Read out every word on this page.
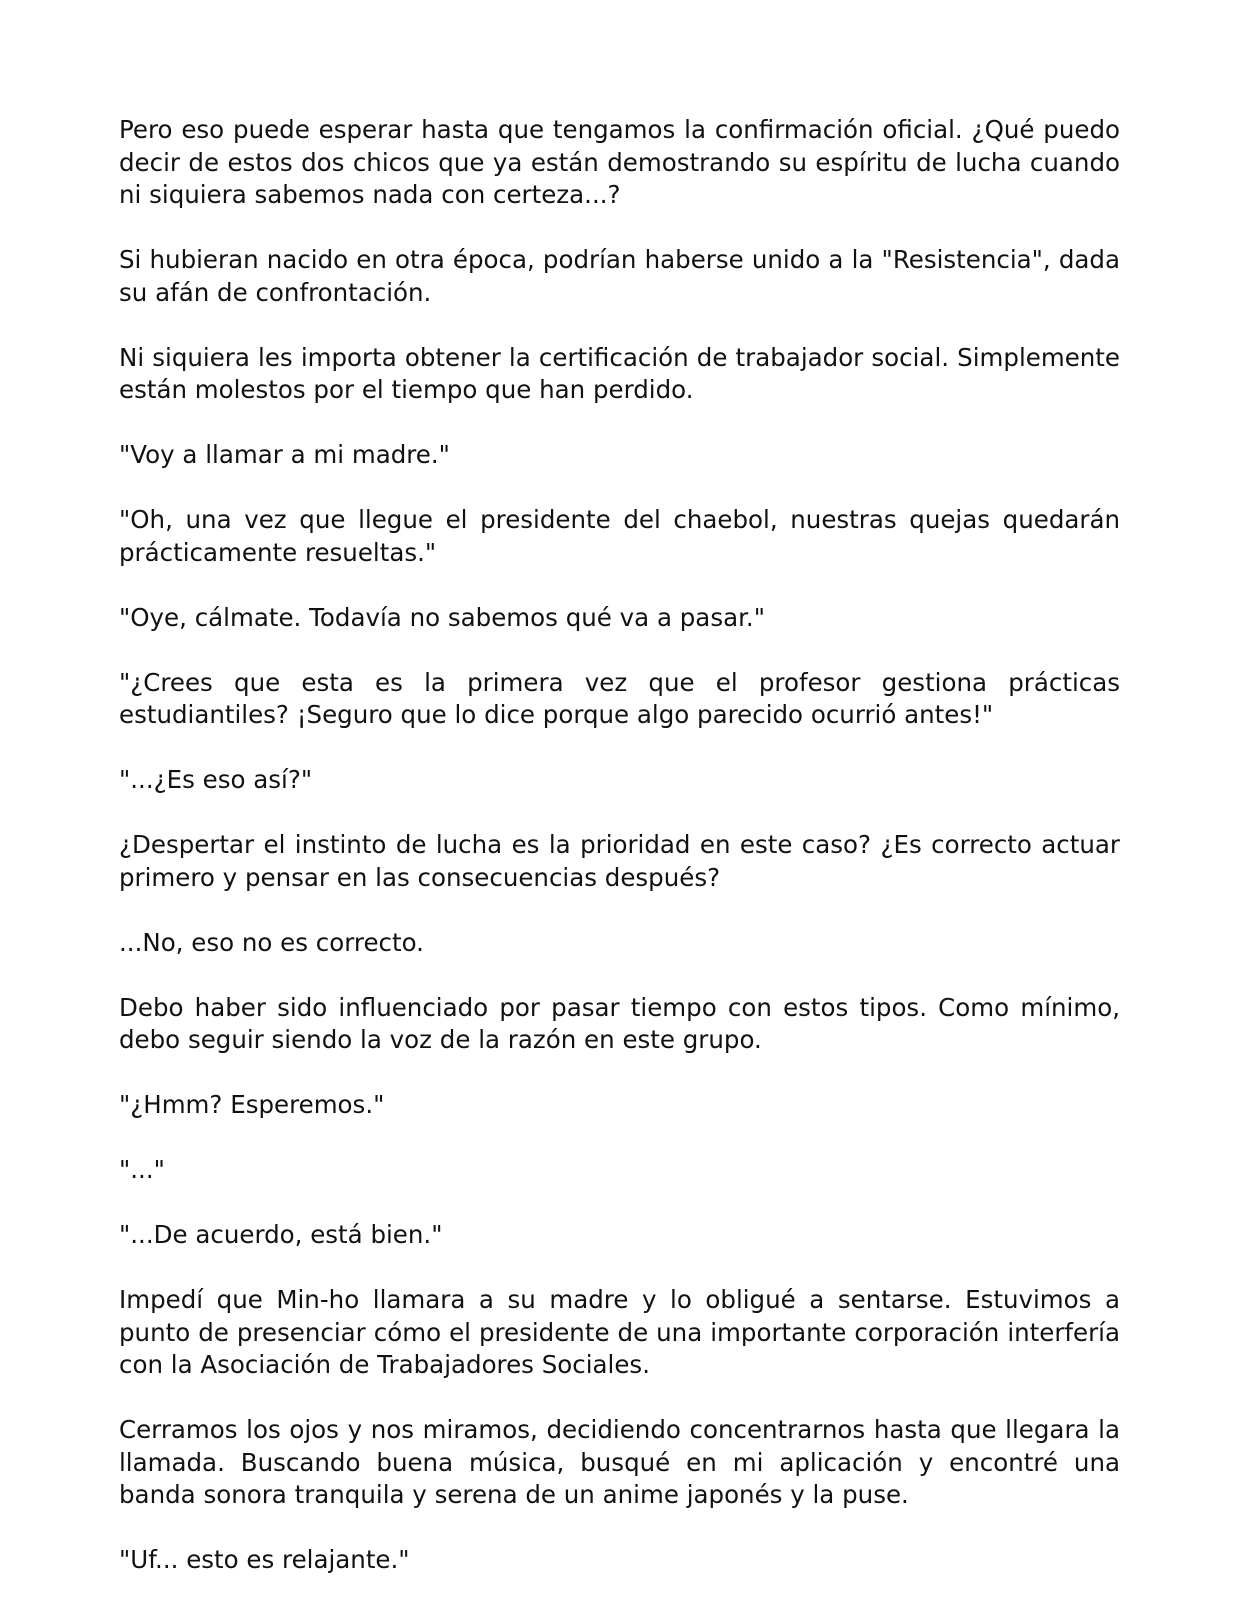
Pero eso puede esperar hasta que tengamos la confirmación oficial. ¿Qué puedo decir de estos dos chicos que ya están demostrando su espíritu de lucha cuando ni siquiera sabemos nada con certeza...?

Si hubieran nacido en otra época, podrían haberse unido a la "Resistencia", dada su afán de confrontación.

Ni siquiera les importa obtener la certificación de trabajador social. Simplemente están molestos por el tiempo que han perdido.

"Voy a llamar a mi madre."

"Oh, una vez que llegue el presidente del chaebol, nuestras quejas quedarán prácticamente resueltas."

"Oye, cálmate. Todavía no sabemos qué va a pasar."

"¿Crees que esta es la primera vez que el profesor gestiona prácticas estudiantiles? ¡Seguro que lo dice porque algo parecido ocurrió antes!"

"...¿Es eso así?"

¿Despertar el instinto de lucha es la prioridad en este caso? ¿Es correcto actuar primero y pensar en las consecuencias después?

...No, eso no es correcto.

Debo haber sido influenciado por pasar tiempo con estos tipos. Como mínimo, debo seguir siendo la voz de la razón en este grupo.

"¿Hmm? Esperemos."

"..."

"...De acuerdo, está bien."

Impedí que Min-ho llamara a su madre y lo obligué a sentarse. Estuvimos a punto de presenciar cómo el presidente de una importante corporación interfería con la Asociación de Trabajadores Sociales.

Cerramos los ojos y nos miramos, decidiendo concentrarnos hasta que llegara la llamada. Buscando buena música, busqué en mi aplicación y encontré una banda sonora tranquila y serena de un anime japonés y la puse.

"Uf... esto es relajante."
